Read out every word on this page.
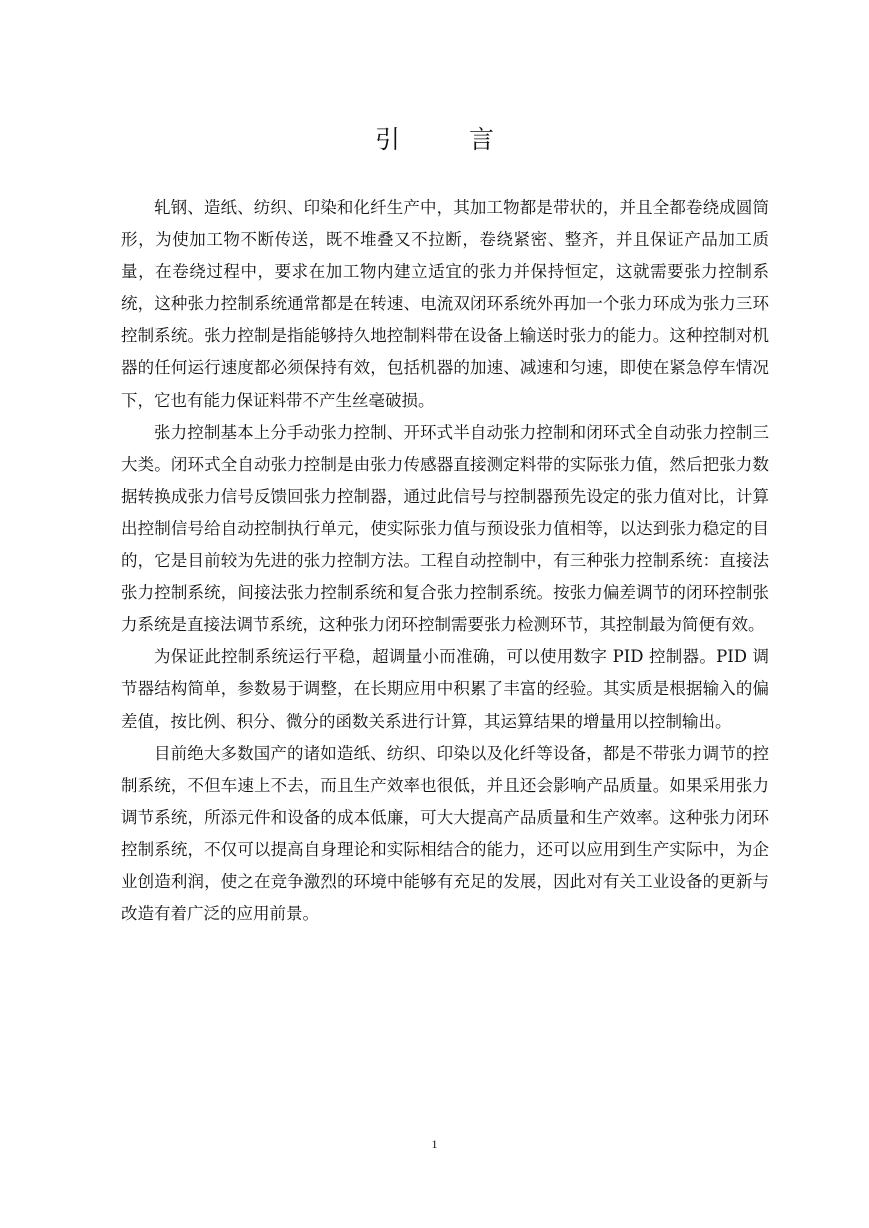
引　言

轧钢、造纸、纺织、印染和化纤生产中，其加工物都是带状的，并且全都卷绕成圆筒形，为使加工物不断传送，既不堆叠又不拉断，卷绕紧密、整齐，并且保证产品加工质量，在卷绕过程中，要求在加工物内建立适宜的张力并保持恒定，这就需要张力控制系统，这种张力控制系统通常都是在转速、电流双闭环系统外再加一个张力环成为张力三环控制系统。张力控制是指能够持久地控制料带在设备上输送时张力的能力。这种控制对机器的任何运行速度都必须保持有效，包括机器的加速、减速和匀速，即使在紧急停车情况下，它也有能力保证料带不产生丝毫破损。

张力控制基本上分手动张力控制、开环式半自动张力控制和闭环式全自动张力控制三大类。闭环式全自动张力控制是由张力传感器直接测定料带的实际张力值，然后把张力数据转换成张力信号反馈回张力控制器，通过此信号与控制器预先设定的张力值对比，计算出控制信号给自动控制执行单元，使实际张力值与预设张力值相等，以达到张力稳定的目的，它是目前较为先进的张力控制方法。工程自动控制中，有三种张力控制系统：直接法张力控制系统，间接法张力控制系统和复合张力控制系统。按张力偏差调节的闭环控制张力系统是直接法调节系统，这种张力闭环控制需要张力检测环节，其控制最为简便有效。

为保证此控制系统运行平稳，超调量小而准确，可以使用数字 PID 控制器。PID 调节器结构简单，参数易于调整，在长期应用中积累了丰富的经验。其实质是根据输入的偏差值，按比例、积分、微分的函数关系进行计算，其运算结果的增量用以控制输出。

目前绝大多数国产的诸如造纸、纺织、印染以及化纤等设备，都是不带张力调节的控制系统，不但车速上不去，而且生产效率也很低，并且还会影响产品质量。如果采用张力调节系统，所添元件和设备的成本低廉，可大大提高产品质量和生产效率。这种张力闭环控制系统，不仅可以提高自身理论和实际相结合的能力，还可以应用到生产实际中，为企业创造利润，使之在竞争激烈的环境中能够有充足的发展，因此对有关工业设备的更新与改造有着广泛的应用前景。

1
